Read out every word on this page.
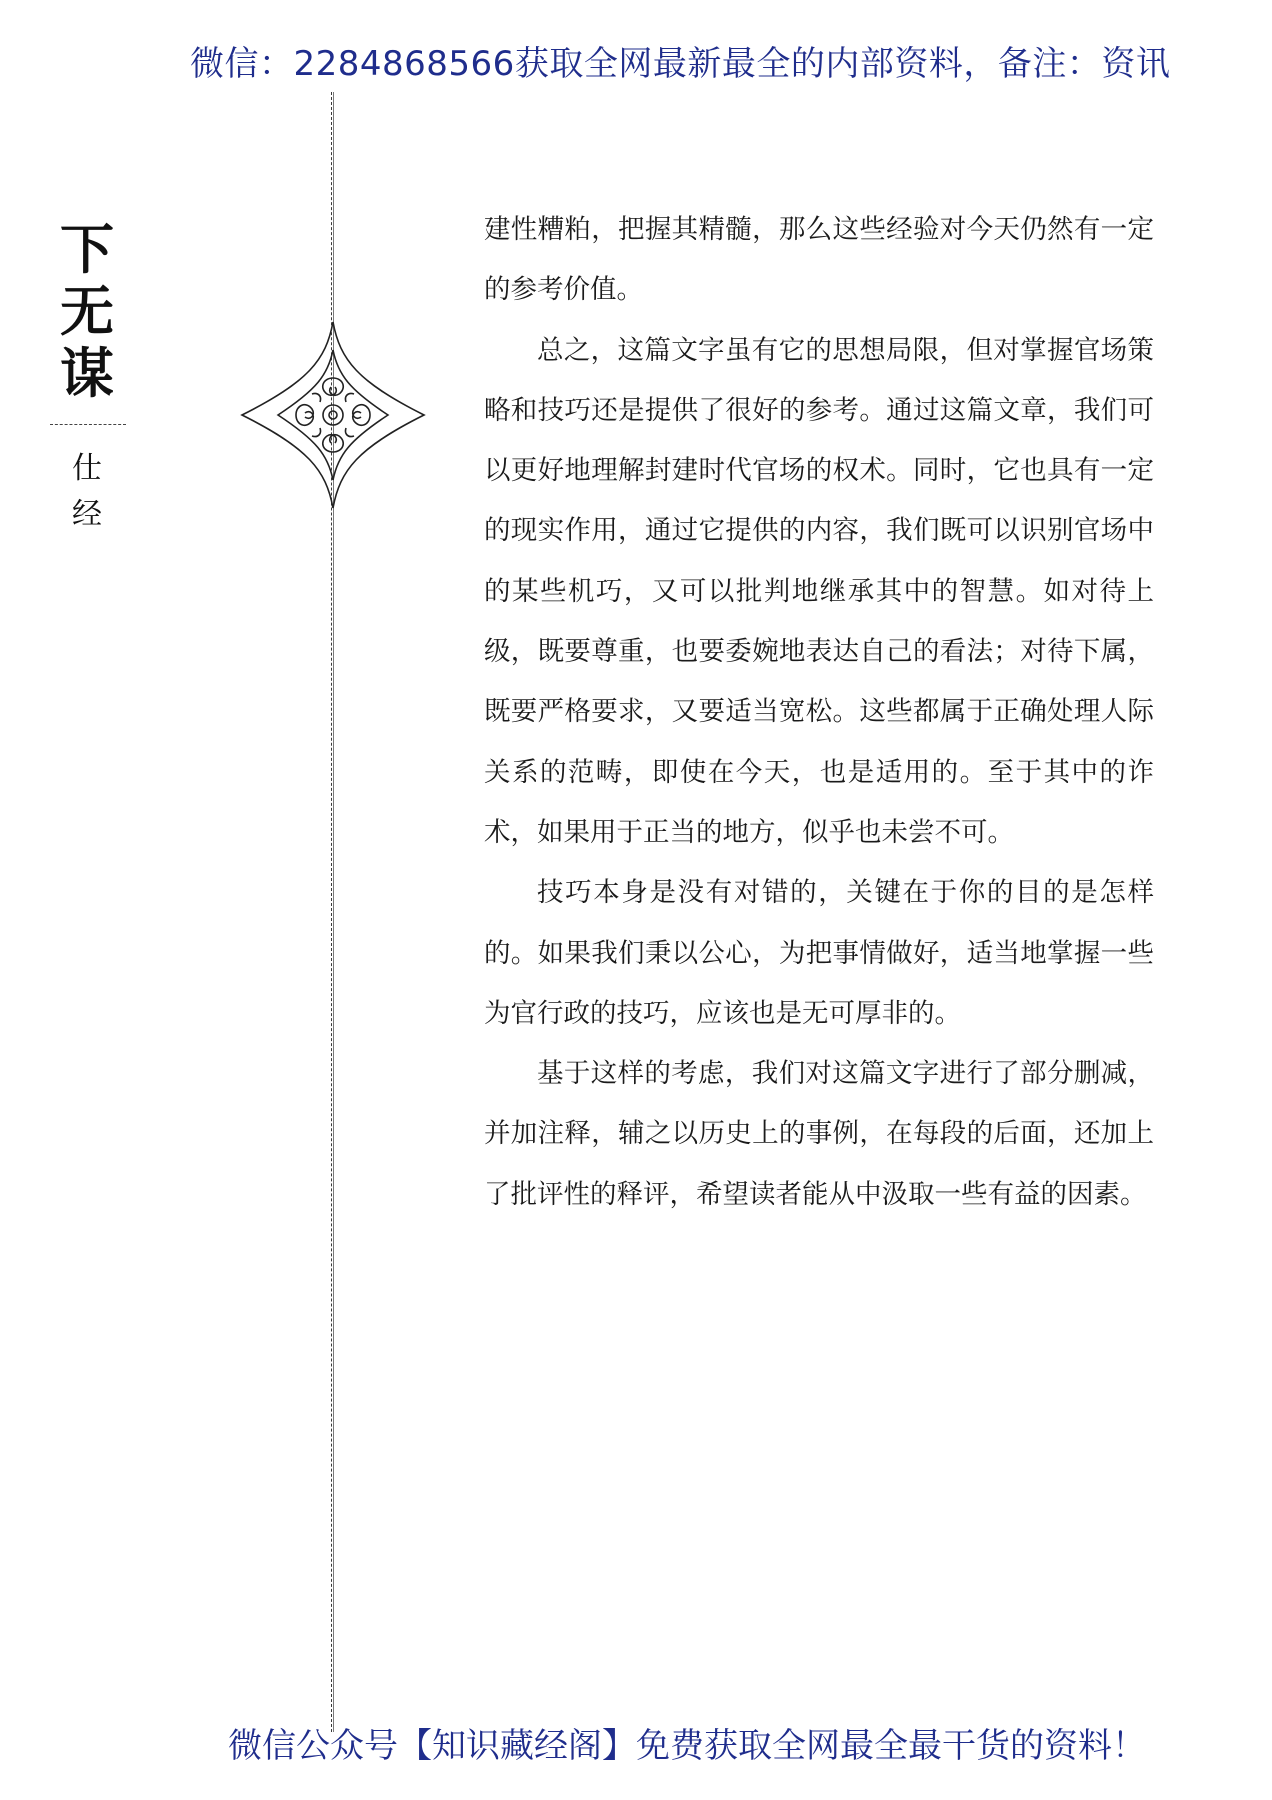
微信：2284868566获取全网最新最全的内部资料，备注：资讯
下无谋
仕经

建性糟粕，把握其精髓，那么这些经验对今天仍然有一定的参考价值。

总之，这篇文字虽有它的思想局限，但对掌握官场策略和技巧还是提供了很好的参考。通过这篇文章，我们可以更好地理解封建时代官场的权术。同时，它也具有一定的现实作用，通过它提供的内容，我们既可以识别官场中的某些机巧，又可以批判地继承其中的智慧。如对待上级，既要尊重，也要委婉地表达自己的看法；对待下属，既要严格要求，又要适当宽松。这些都属于正确处理人际关系的范畴，即使在今天，也是适用的。至于其中的诈术，如果用于正当的地方，似乎也未尝不可。

技巧本身是没有对错的，关键在于你的目的是怎样的。如果我们秉以公心，为把事情做好，适当地掌握一些为官行政的技巧，应该也是无可厚非的。

基于这样的考虑，我们对这篇文字进行了部分删减，并加注释，辅之以历史上的事例，在每段的后面，还加上了批评性的释评，希望读者能从中汲取一些有益的因素。

微信公众号【知识藏经阁】免费获取全网最全最干货的资料！
